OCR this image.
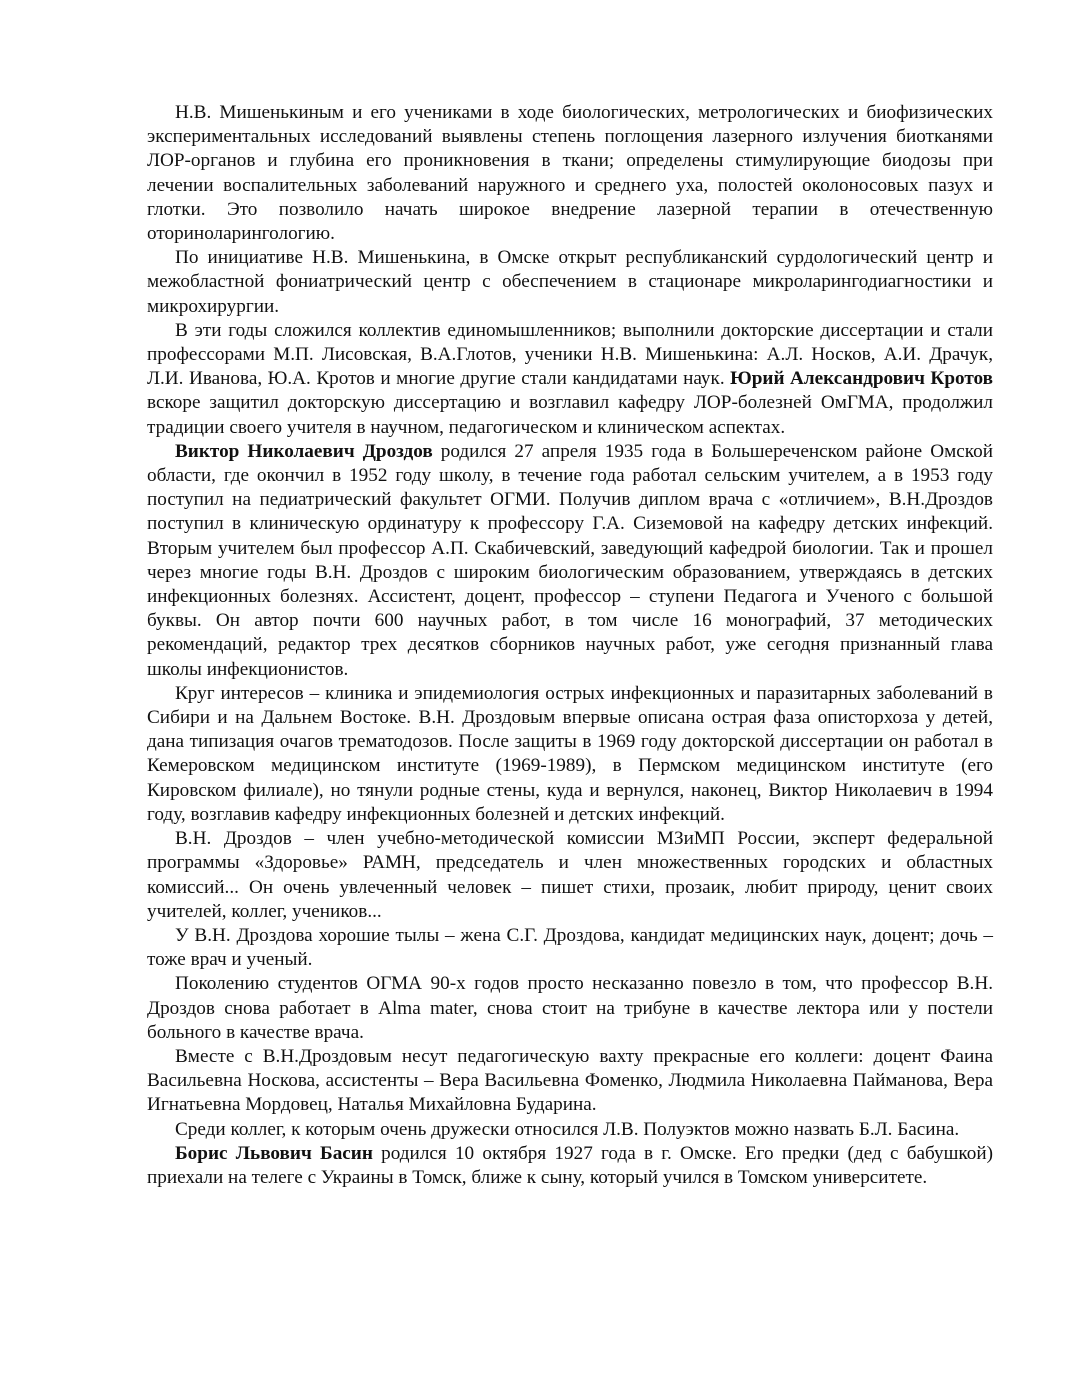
Н.В. Мишенькиным и его учениками в ходе биологических, метрологических и биофизических экспериментальных исследований выявлены степень поглощения лазерного излучения биотканями ЛОР-органов и глубина его проникновения в ткани; определены стимулирующие биодозы при лечении воспалительных заболеваний наружного и среднего уха, полостей околоносовых пазух и глотки. Это позволило начать широкое внедрение лазерной терапии в отечественную оториноларингологию.

По инициативе Н.В. Мишенькина, в Омске открыт республиканский сурдологический центр и межобластной фониатрический центр с обеспечением в стационаре микроларингодиагностики и микрохирургии.

В эти годы сложился коллектив единомышленников; выполнили докторские диссертации и стали профессорами М.П. Лисовская, В.А.Глотов, ученики Н.В. Мишенькина: А.Л. Носков, А.И. Драчук, Л.И. Иванова, Ю.А. Кротов и многие другие стали кандидатами наук. Юрий Александрович Кротов вскоре защитил докторскую диссертацию и возглавил кафедру ЛОР-болезней ОмГМА, продолжил традиции своего учителя в научном, педагогическом и клиническом аспектах.

Виктор Николаевич Дроздов родился 27 апреля 1935 года в Большереченском районе Омской области, где окончил в 1952 году школу, в течение года работал сельским учителем, а в 1953 году поступил на педиатрический факультет ОГМИ. Получив диплом врача с «отличием», В.Н.Дроздов поступил в клиническую ординатуру к профессору Г.А. Сиземовой на кафедру детских инфекций. Вторым учителем был профессор А.П. Скабичевский, заведующий кафедрой биологии. Так и прошел через многие годы В.Н. Дроздов с широким биологическим образованием, утверждаясь в детских инфекционных болезнях. Ассистент, доцент, профессор – ступени Педагога и Ученого с большой буквы. Он автор почти 600 научных работ, в том числе 16 монографий, 37 методических рекомендаций, редактор трех десятков сборников научных работ, уже сегодня признанный глава школы инфекционистов.

Круг интересов – клиника и эпидемиология острых инфекционных и паразитарных заболеваний в Сибири и на Дальнем Востоке. В.Н. Дроздовым впервые описана острая фаза описторхоза у детей, дана типизация очагов трематодозов. После защиты в 1969 году докторской диссертации он работал в Кемеровском медицинском институте (1969-1989), в Пермском медицинском институте (его Кировском филиале), но тянули родные стены, куда и вернулся, наконец, Виктор Николаевич в 1994 году, возглавив кафедру инфекционных болезней и детских инфекций.

В.Н. Дроздов – член учебно-методической комиссии МЗиМП России, эксперт федеральной программы «Здоровье» РАМН, председатель и член множественных городских и областных комиссий... Он очень увлеченный человек – пишет стихи, прозаик, любит природу, ценит своих учителей, коллег, учеников...

У В.Н. Дроздова хорошие тылы – жена С.Г. Дроздова, кандидат медицинских наук, доцент; дочь – тоже врач и ученый.

Поколению студентов ОГМА 90-х годов просто несказанно повезло в том, что профессор В.Н. Дроздов снова работает в Alma mater, снова стоит на трибуне в качестве лектора или у постели больного в качестве врача.

Вместе с В.Н.Дроздовым несут педагогическую вахту прекрасные его коллеги: доцент Фаина Васильевна Носкова, ассистенты – Вера Васильевна Фоменко, Людмила Николаевна Пайманова, Вера Игнатьевна Мордовец, Наталья Михайловна Бударина.

Среди коллег, к которым очень дружески относился Л.В. Полуэктов можно назвать Б.Л. Басина.

Борис Львович Басин родился 10 октября 1927 года в г. Омске. Его предки (дед с бабушкой) приехали на телеге с Украины в Томск, ближе к сыну, который учился в Томском университете.
